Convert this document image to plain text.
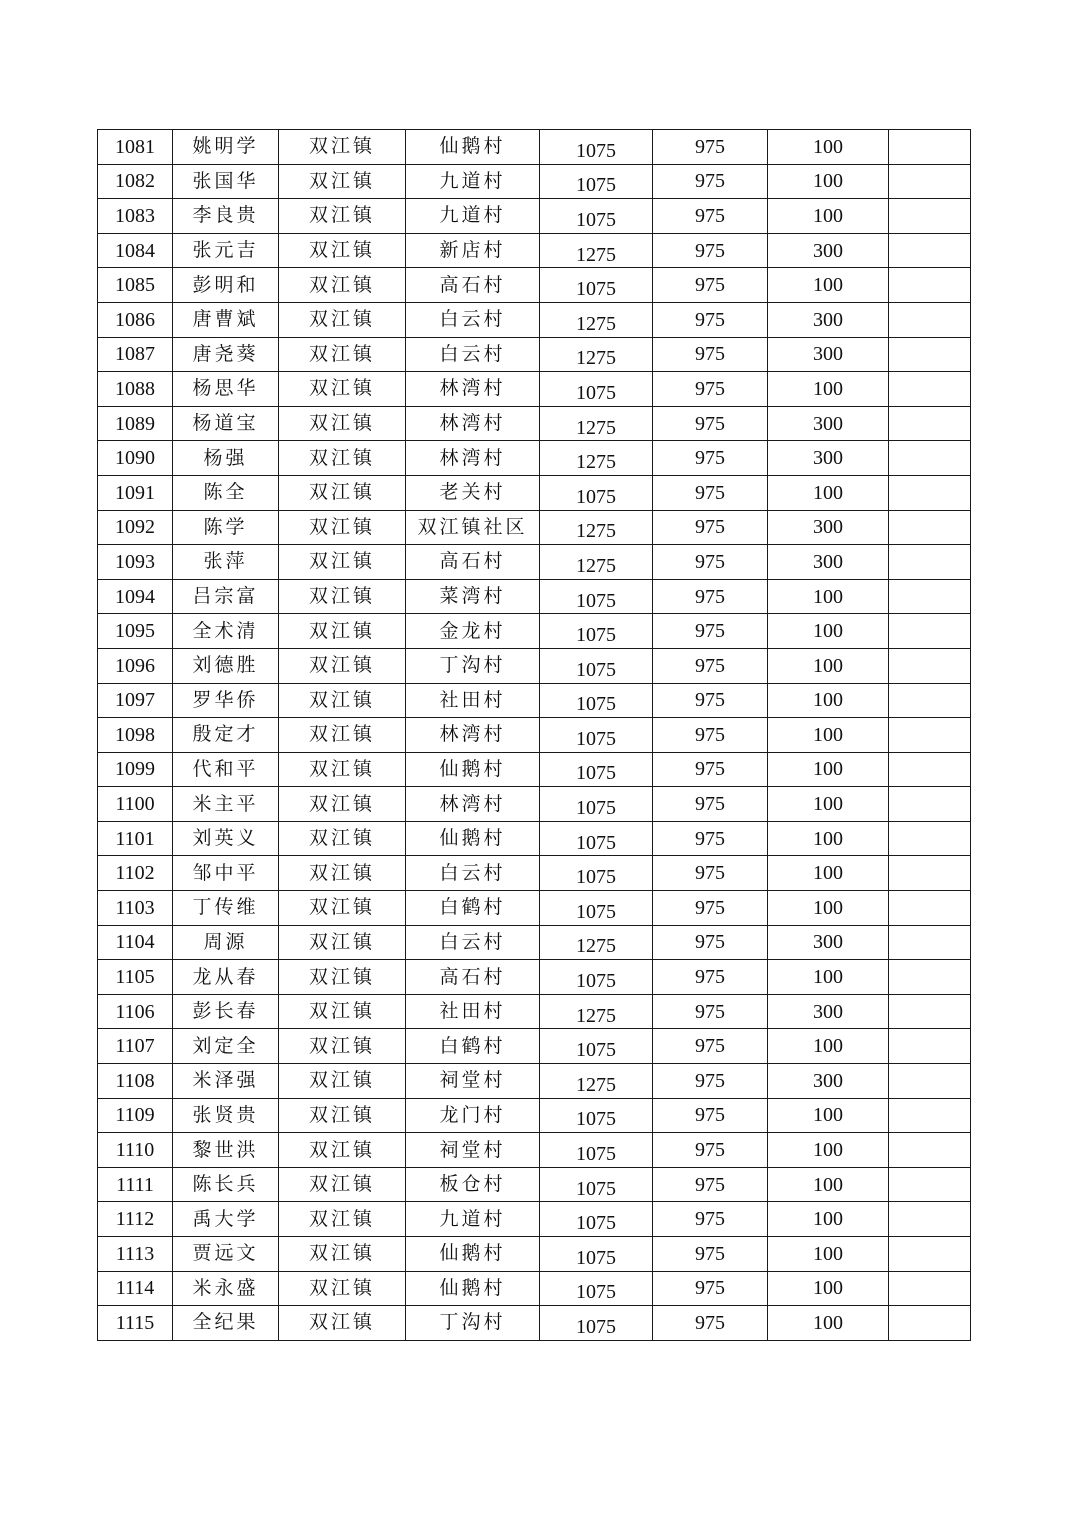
1081	姚明学	双江镇	仙鹅村	1075	975	100	
1082	张国华	双江镇	九道村	1075	975	100	
1083	李良贵	双江镇	九道村	1075	975	100	
1084	张元吉	双江镇	新店村	1275	975	300	
1085	彭明和	双江镇	高石村	1075	975	100	
1086	唐曹斌	双江镇	白云村	1275	975	300	
1087	唐尧葵	双江镇	白云村	1275	975	300	
1088	杨思华	双江镇	林湾村	1075	975	100	
1089	杨道宝	双江镇	林湾村	1275	975	300	
1090	杨强	双江镇	林湾村	1275	975	300	
1091	陈全	双江镇	老关村	1075	975	100	
1092	陈学	双江镇	双江镇社区	1275	975	300	
1093	张萍	双江镇	高石村	1275	975	300	
1094	吕宗富	双江镇	菜湾村	1075	975	100	
1095	全术清	双江镇	金龙村	1075	975	100	
1096	刘德胜	双江镇	丁沟村	1075	975	100	
1097	罗华侨	双江镇	社田村	1075	975	100	
1098	殷定才	双江镇	林湾村	1075	975	100	
1099	代和平	双江镇	仙鹅村	1075	975	100	
1100	米主平	双江镇	林湾村	1075	975	100	
1101	刘英义	双江镇	仙鹅村	1075	975	100	
1102	邹中平	双江镇	白云村	1075	975	100	
1103	丁传维	双江镇	白鹤村	1075	975	100	
1104	周源	双江镇	白云村	1275	975	300	
1105	龙从春	双江镇	高石村	1075	975	100	
1106	彭长春	双江镇	社田村	1275	975	300	
1107	刘定全	双江镇	白鹤村	1075	975	100	
1108	米泽强	双江镇	祠堂村	1275	975	300	
1109	张贤贵	双江镇	龙门村	1075	975	100	
1110	黎世洪	双江镇	祠堂村	1075	975	100	
1111	陈长兵	双江镇	板仓村	1075	975	100	
1112	禹大学	双江镇	九道村	1075	975	100	
1113	贾远文	双江镇	仙鹅村	1075	975	100	
1114	米永盛	双江镇	仙鹅村	1075	975	100	
1115	全纪果	双江镇	丁沟村	1075	975	100	
